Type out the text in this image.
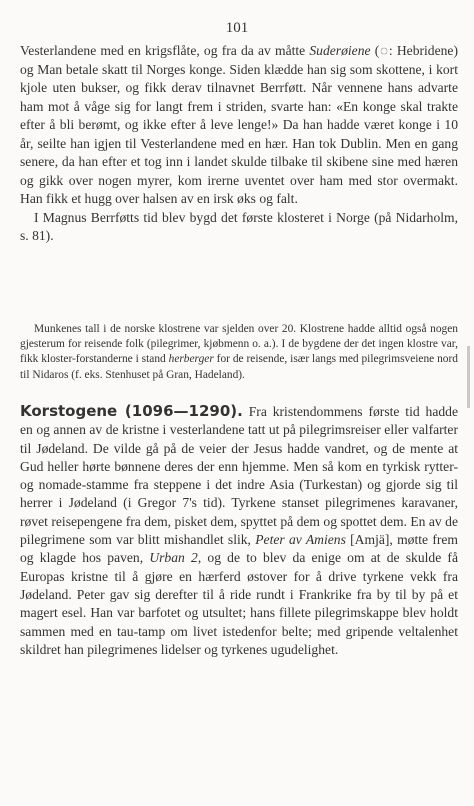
101

Vesterlandene med en krigsflåte, og fra da av måtte Suderøiene (◌: Hebridene) og Man betale skatt til Norges konge. Siden klædde han sig som skottene, i kort kjole uten bukser, og fikk derav tilnavnet Berrføtt. Når vennene hans advarte ham mot å våge sig for langt frem i striden, svarte han: «En konge skal trakte efter å bli berømt, og ikke efter å leve lenge!» Da han hadde været konge i 10 år, seilte han igjen til Vesterlandene med en hær. Han tok Dublin. Men en gang senere, da han efter et tog inn i landet skulde tilbake til skibene sine med hæren og gikk over nogen myrer, kom irerne uventet over ham med stor overmakt. Han fikk et hugg over halsen av en irsk øks og falt.

I Magnus Berrføtts tid blev bygd det første klosteret i Norge (på Nidarholm, s. 81).

Munkenes tall i de norske klostrene var sjelden over 20. Klostrene hadde alltid også nogen gjesterum for reisende folk (pilegrimer, kjøbmenn o. a.). I de bygdene der det ingen klostre var, fikk kloster-forstanderne i stand herberger for de reisende, især langs med pilegrimsveiene nord til Nidaros (f. eks. Stenhuset på Gran, Hadeland).

Korstogene (1096—1290). Fra kristendommens første tid hadde en og annen av de kristne i vesterlandene tatt ut på pilegrimsreiser eller valfarter til Jødeland. De vilde gå på de veier der Jesus hadde vandret, og de mente at Gud heller hørte bønnene deres der enn hjemme. Men så kom en tyrkisk rytter- og nomade-stamme fra steppene i det indre Asia (Turkestan) og gjorde sig til herrer i Jødeland (i Gregor 7's tid). Tyrkene stanset pilegrimenes karavaner, røvet reisepengene fra dem, pisket dem, spyttet på dem og spottet dem. En av de pilegrimene som var blitt mishandlet slik, Peter av Amiens [Amjä], møtte frem og klagde hos paven, Urban 2, og de to blev da enige om at de skulde få Europas kristne til å gjøre en hærferd østover for å drive tyrkene vekk fra Jødeland. Peter gav sig derefter til å ride rundt i Frankrike fra by til by på et magert esel. Han var barfotet og utsultet; hans fillete pilegrimskappe blev holdt sammen med en tau-tamp om livet istedenfor belte; med gripende veltalenhet skildret han pilegrimenes lidelser og tyrkenes ugudelighet.
